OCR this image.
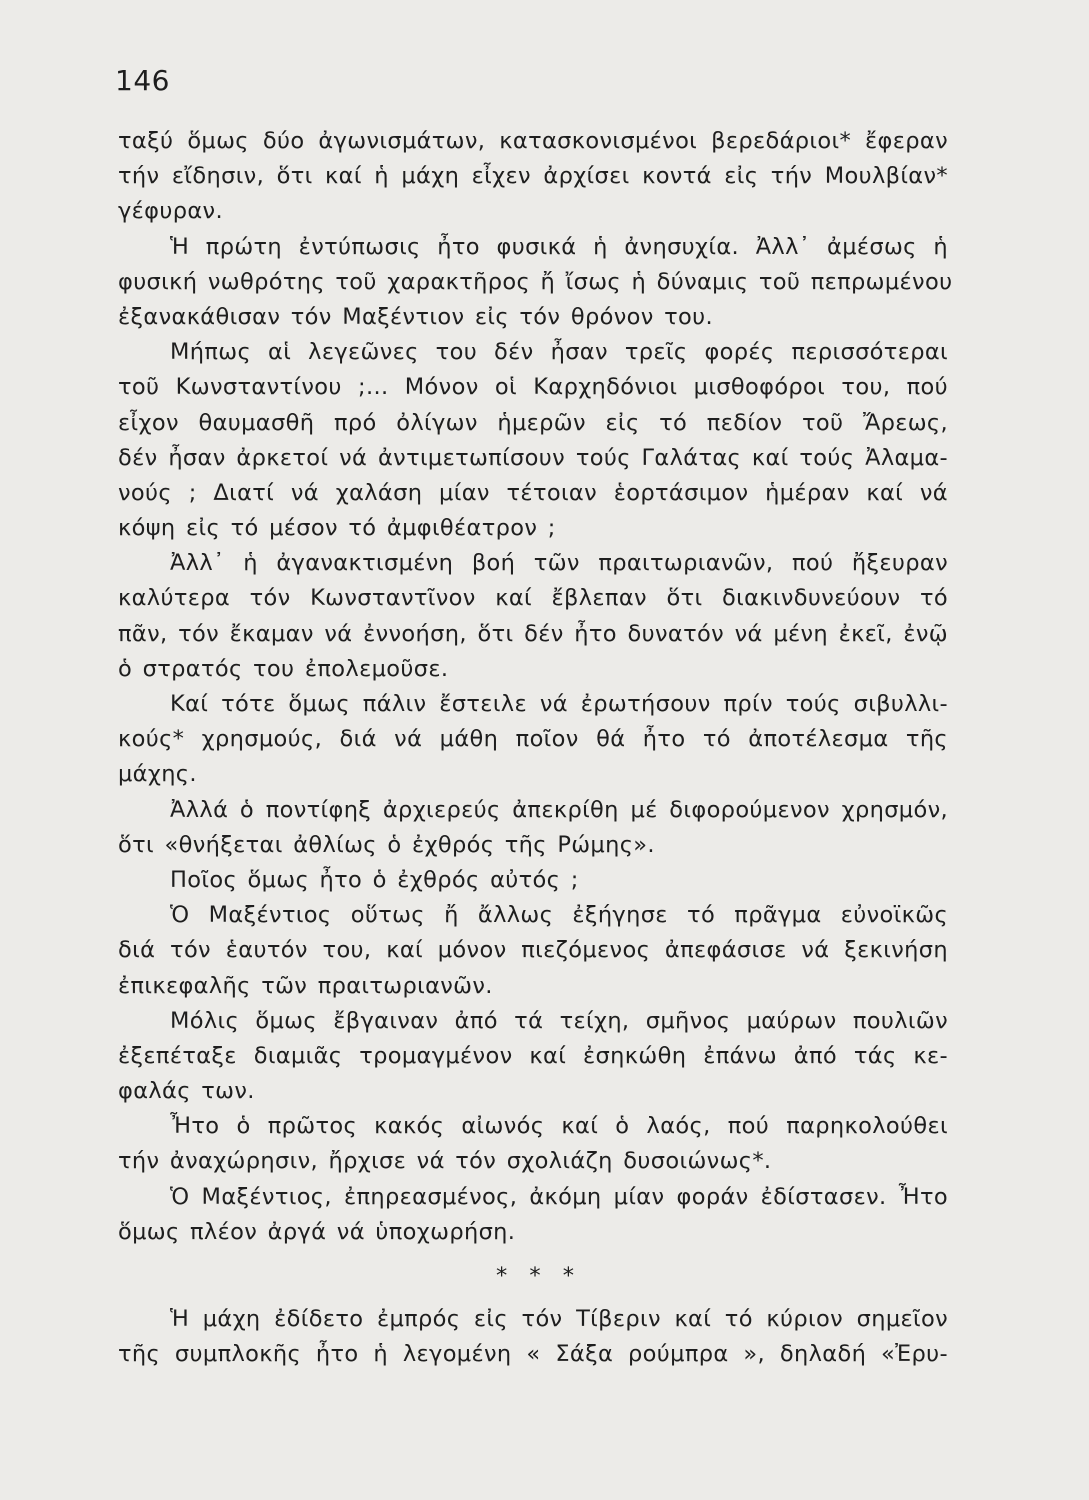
146
ταξύ ὅμως δύο ἀγωνισμάτων, κατασκονισμένοι βερεδάριοι* ἔφεραν
τήν εἴδησιν, ὅτι καί ἡ μάχη εἶχεν ἀρχίσει κοντά εἰς τήν Μουλβίαν*
γέφυραν.
Ἡ πρώτη ἐντύπωσις ἦτο φυσικά ἡ ἀνησυχία. Ἀλλ᾽ ἀμέσως ἡ
φυσική νωθρότης τοῦ χαρακτῆρος ἤ ἴσως ἡ δύναμις τοῦ πεπρωμένου
ἐξανακάθισαν τόν Μαξέντιον εἰς τόν θρόνον του.
Μήπως αἱ λεγεῶνες του δέν ἦσαν τρεῖς φορές περισσότεραι
τοῦ Κωνσταντίνου ;... Μόνον οἱ Καρχηδόνιοι μισθοφόροι του, πού
εἶχον θαυμασθῆ πρό ὀλίγων ἡμερῶν εἰς τό πεδίον τοῦ Ἄρεως,
δέν ἦσαν ἀρκετοί νά ἀντιμετωπίσουν τούς Γαλάτας καί τούς Ἀλαμα-
νούς ; Διατί νά χαλάση μίαν τέτοιαν ἑορτάσιμον ἡμέραν καί νά
κόψη εἰς τό μέσον τό ἀμφιθέατρον ;
Ἀλλ᾽ ἡ ἀγανακτισμένη βοή τῶν πραιτωριανῶν, πού ἤξευραν
καλύτερα τόν Κωνσταντῖνον καί ἔβλεπαν ὅτι διακινδυνεύουν τό
πᾶν, τόν ἔκαμαν νά ἐννοήση, ὅτι δέν ἦτο δυνατόν νά μένη ἐκεῖ, ἐνῷ
ὁ στρατός του ἐπολεμοῦσε.
Καί τότε ὅμως πάλιν ἔστειλε νά ἐρωτήσουν πρίν τούς σιβυλλι-
κούς* χρησμούς, διά νά μάθη ποῖον θά ἦτο τό ἀποτέλεσμα τῆς
μάχης.
Ἀλλά ὁ ποντίφηξ ἀρχιερεύς ἀπεκρίθη μέ διφορούμενον χρησμόν,
ὅτι «θνήξεται ἀθλίως ὁ ἐχθρός τῆς Ρώμης».
Ποῖος ὅμως ἦτο ὁ ἐχθρός αὐτός ;
Ὁ Μαξέντιος οὕτως ἤ ἄλλως ἐξήγησε τό πρᾶγμα εὐνοϊκῶς
διά τόν ἑαυτόν του, καί μόνον πιεζόμενος ἀπεφάσισε νά ξεκινήση
ἐπικεφαλῆς τῶν πραιτωριανῶν.
Μόλις ὅμως ἔβγαιναν ἀπό τά τείχη, σμῆνος μαύρων πουλιῶν
ἐξεπέταξε διαμιᾶς τρομαγμένον καί ἐσηκώθη ἐπάνω ἀπό τάς κε-
φαλάς των.
Ἦτο ὁ πρῶτος κακός αἰωνός καί ὁ λαός, πού παρηκολούθει
τήν ἀναχώρησιν, ἤρχισε νά τόν σχολιάζη δυσοιώνως*.
Ὁ Μαξέντιος, ἐπηρεασμένος, ἀκόμη μίαν φοράν ἐδίστασεν. Ἦτο
ὅμως πλέον ἀργά νά ὑποχωρήση.
* * *
Ἡ μάχη ἐδίδετο ἐμπρός εἰς τόν Τίβεριν καί τό κύριον σημεῖον
τῆς συμπλοκῆς ἦτο ἡ λεγομένη « Σάξα ρούμπρα », δηλαδή «Ἐρυ-
